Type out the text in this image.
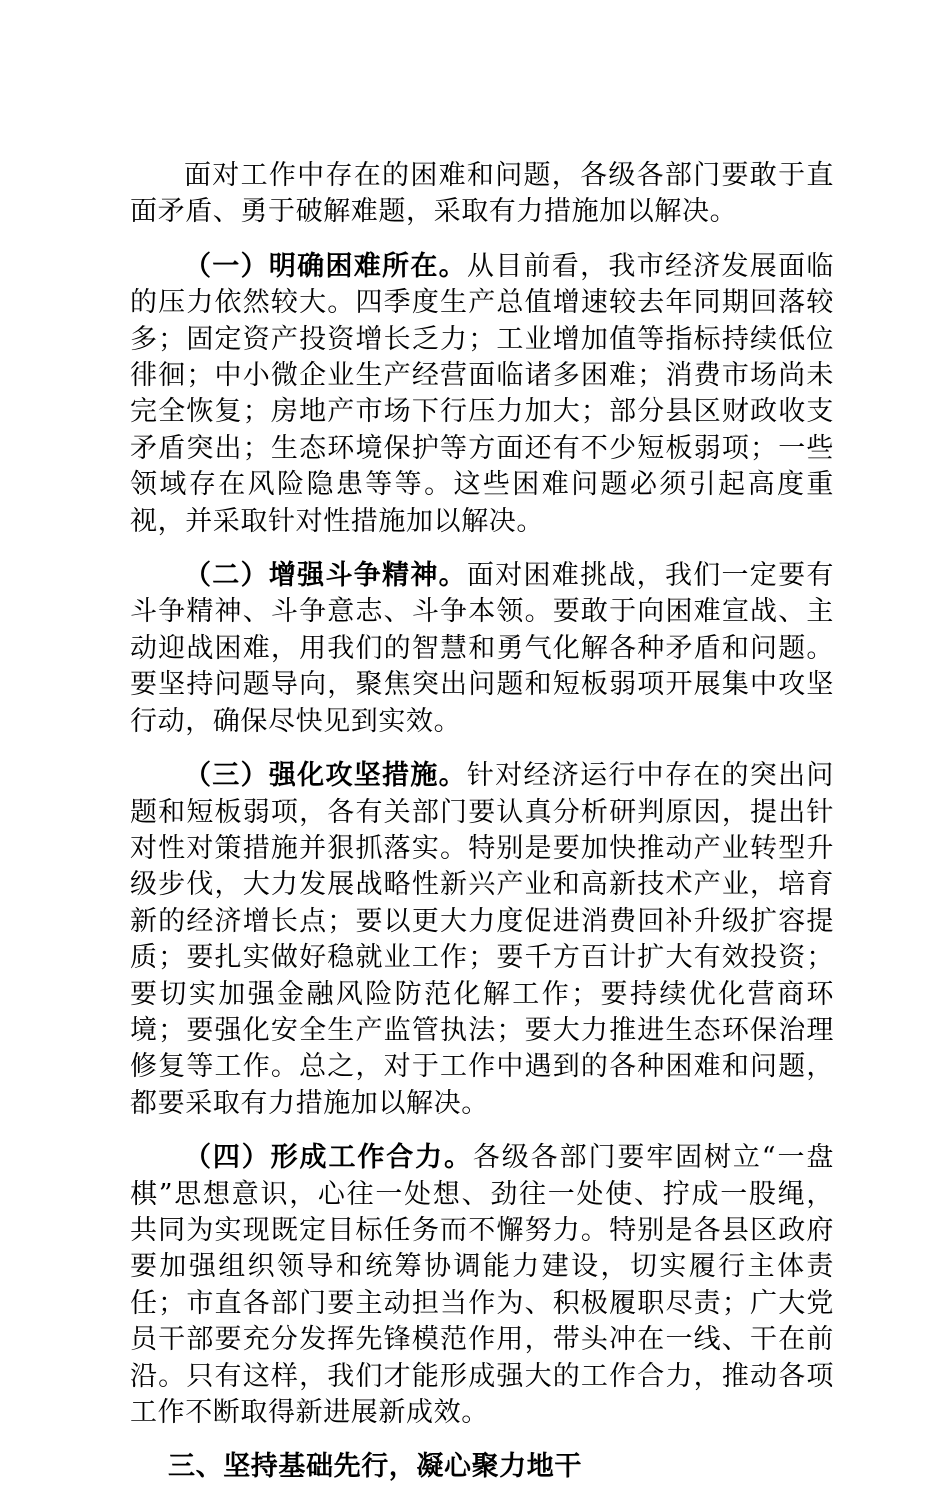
面对工作中存在的困难和问题，各级各部门要敢于直面矛盾、勇于破解难题，采取有力措施加以解决。

（一）明确困难所在。从目前看，我市经济发展面临的压力依然较大。四季度生产总值增速较去年同期回落较多；固定资产投资增长乏力；工业增加值等指标持续低位徘徊；中小微企业生产经营面临诸多困难；消费市场尚未完全恢复；房地产市场下行压力加大；部分县区财政收支矛盾突出；生态环境保护等方面还有不少短板弱项；一些领域存在风险隐患等等。这些困难问题必须引起高度重视，并采取针对性措施加以解决。

（二）增强斗争精神。面对困难挑战，我们一定要有斗争精神、斗争意志、斗争本领。要敢于向困难宣战、主动迎战困难，用我们的智慧和勇气化解各种矛盾和问题。要坚持问题导向，聚焦突出问题和短板弱项开展集中攻坚行动，确保尽快见到实效。

（三）强化攻坚措施。针对经济运行中存在的突出问题和短板弱项，各有关部门要认真分析研判原因，提出针对性对策措施并狠抓落实。特别是要加快推动产业转型升级步伐，大力发展战略性新兴产业和高新技术产业，培育新的经济增长点；要以更大力度促进消费回补升级扩容提质；要扎实做好稳就业工作；要千方百计扩大有效投资；要切实加强金融风险防范化解工作；要持续优化营商环境；要强化安全生产监管执法；要大力推进生态环保治理修复等工作。总之，对于工作中遇到的各种困难和问题，都要采取有力措施加以解决。

（四）形成工作合力。各级各部门要牢固树立“一盘棋”思想意识，心往一处想、劲往一处使、拧成一股绳，共同为实现既定目标任务而不懈努力。特别是各县区政府要加强组织领导和统筹协调能力建设，切实履行主体责任；市直各部门要主动担当作为、积极履职尽责；广大党员干部要充分发挥先锋模范作用，带头冲在一线、干在前沿。只有这样，我们才能形成强大的工作合力，推动各项工作不断取得新进展新成效。

三、坚持基础先行，凝心聚力地干
